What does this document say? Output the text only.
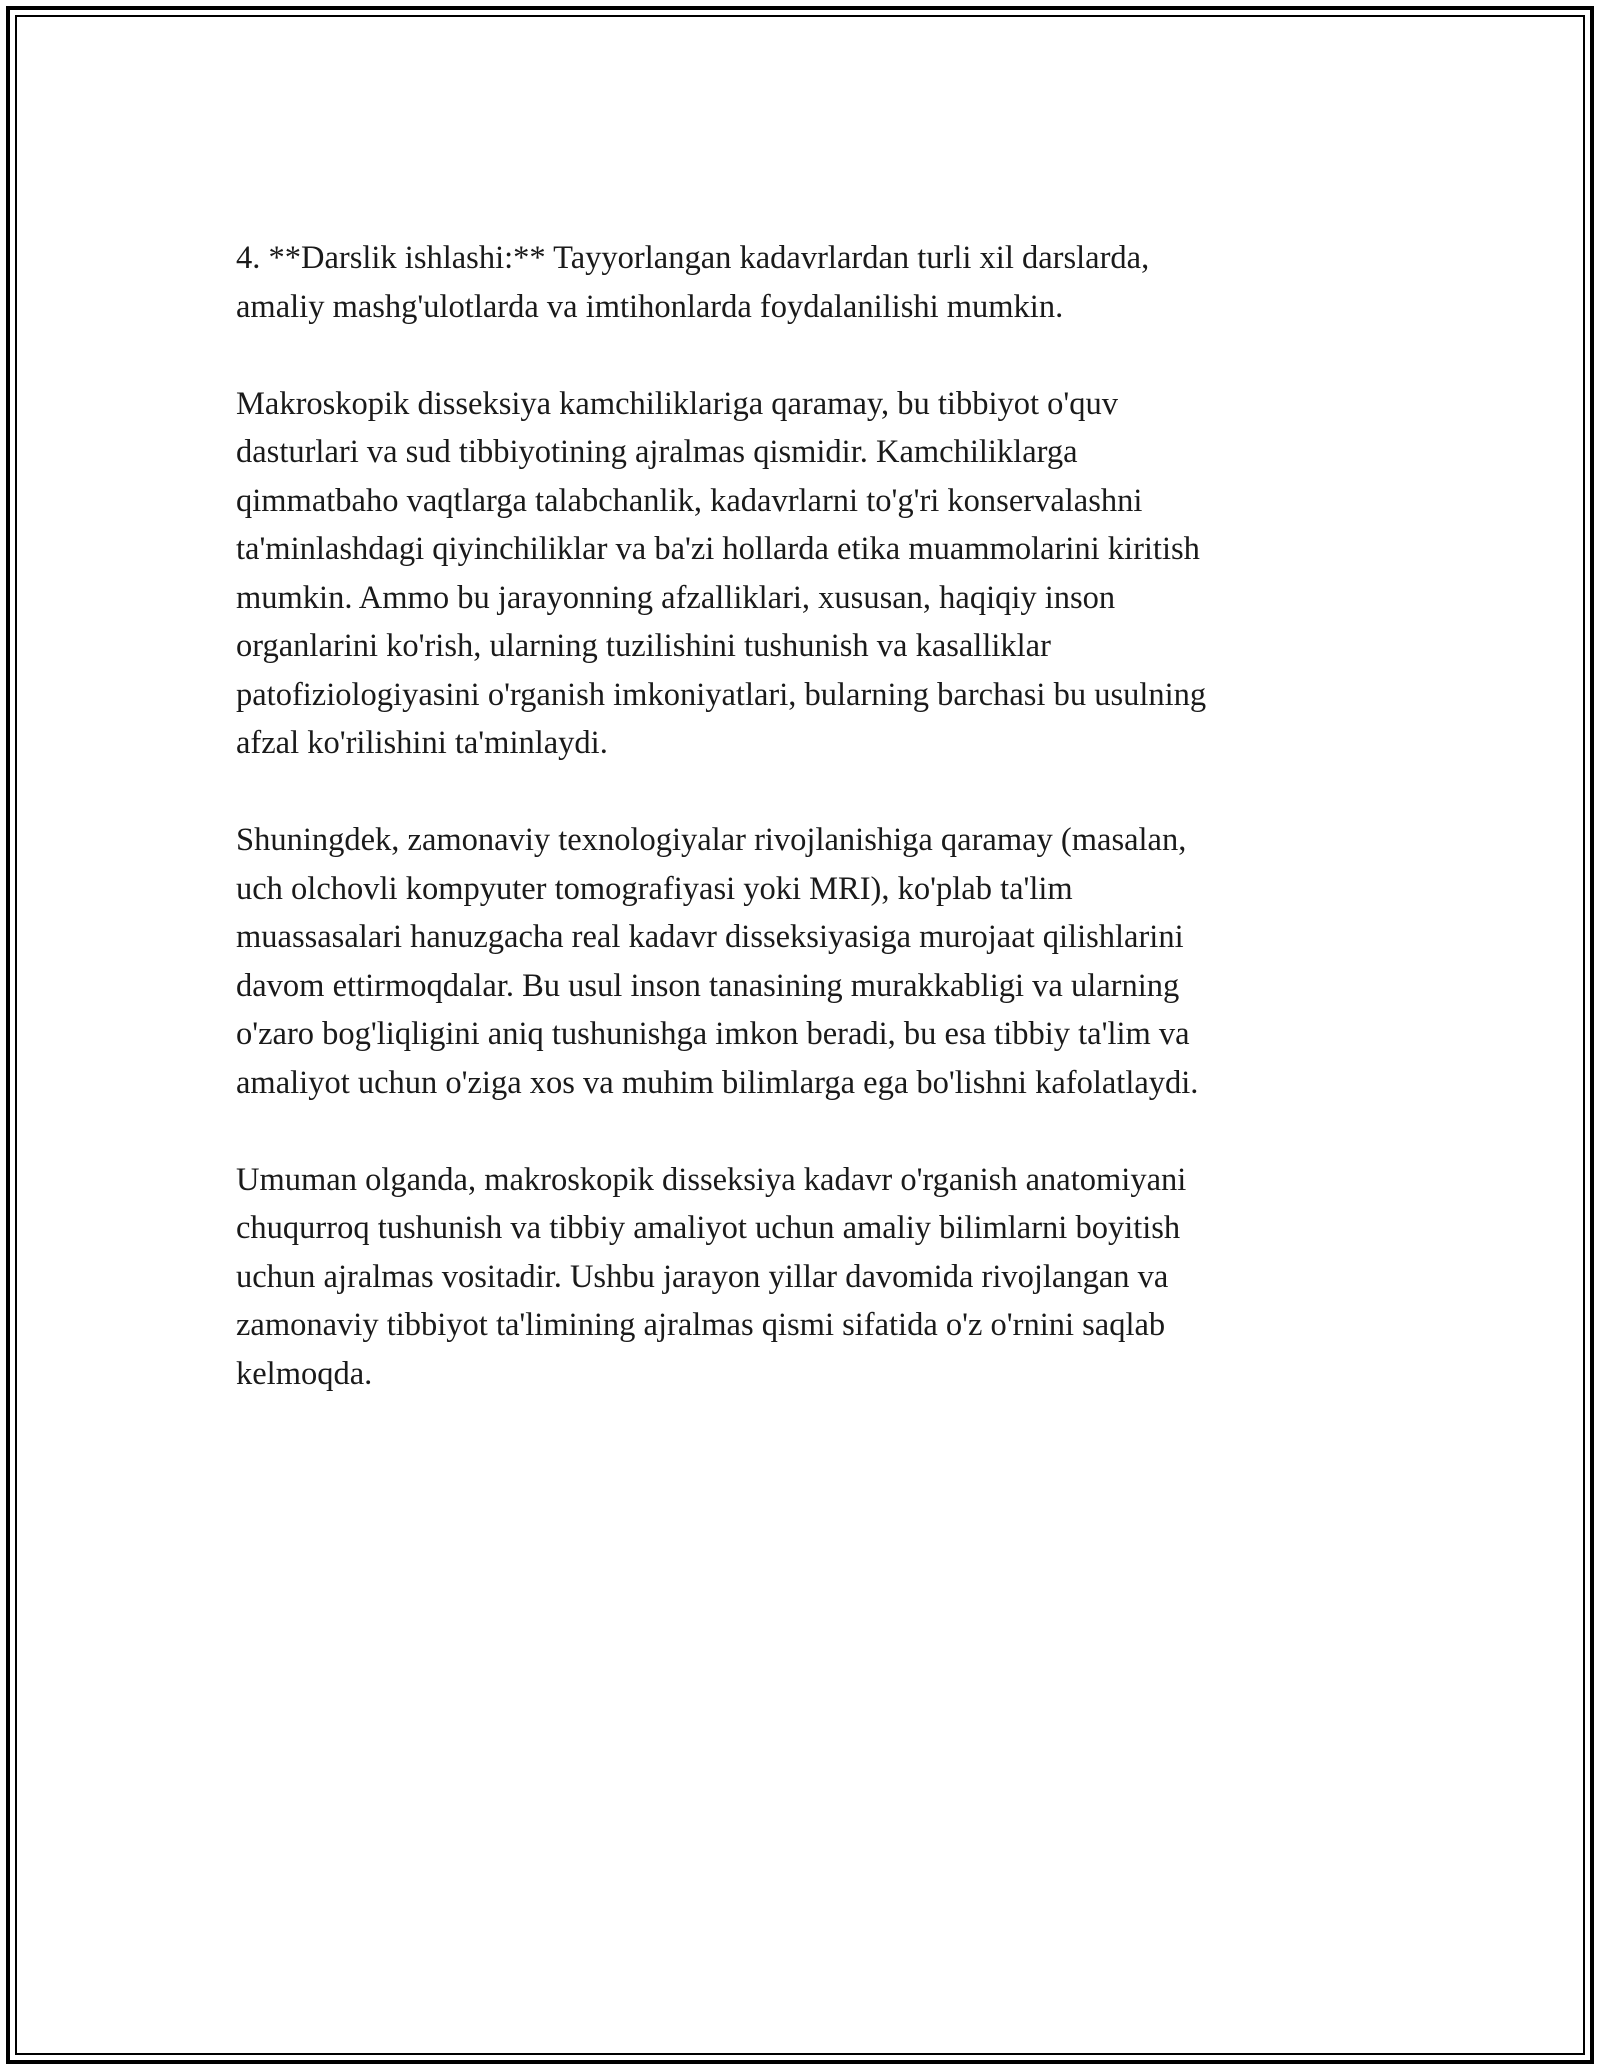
4. **Darslik ishlashi:** Tayyorlangan kadavrlardan turli xil darslarda,
amaliy mashg'ulotlarda va imtihonlarda foydalanilishi mumkin.

Makroskopik disseksiya kamchiliklariga qaramay, bu tibbiyot o'quv
dasturlari va sud tibbiyotining ajralmas qismidir. Kamchiliklarga
qimmatbaho vaqtlarga talabchanlik, kadavrlarni to'g'ri konservalashni
ta'minlashdagi qiyinchiliklar va ba'zi hollarda etika muammolarini kiritish
mumkin. Ammo bu jarayonning afzalliklari, xususan, haqiqiy inson
organlarini ko'rish, ularning tuzilishini tushunish va kasalliklar
patofiziologiyasini o'rganish imkoniyatlari, bularning barchasi bu usulning
afzal ko'rilishini ta'minlaydi.

Shuningdek, zamonaviy texnologiyalar rivojlanishiga qaramay (masalan,
uch olchovli kompyuter tomografiyasi yoki MRI), ko'plab ta'lim
muassasalari hanuzgacha real kadavr disseksiyasiga murojaat qilishlarini
davom ettirmoqdalar. Bu usul inson tanasining murakkabligi va ularning
o'zaro bog'liqligini aniq tushunishga imkon beradi, bu esa tibbiy ta'lim va
amaliyot uchun o'ziga xos va muhim bilimlarga ega bo'lishni kafolatlaydi.

Umuman olganda, makroskopik disseksiya kadavr o'rganish anatomiyani
chuqurroq tushunish va tibbiy amaliyot uchun amaliy bilimlarni boyitish
uchun ajralmas vositadir. Ushbu jarayon yillar davomida rivojlangan va
zamonaviy tibbiyot ta'limining ajralmas qismi sifatida o'z o'rnini saqlab
kelmoqda.
